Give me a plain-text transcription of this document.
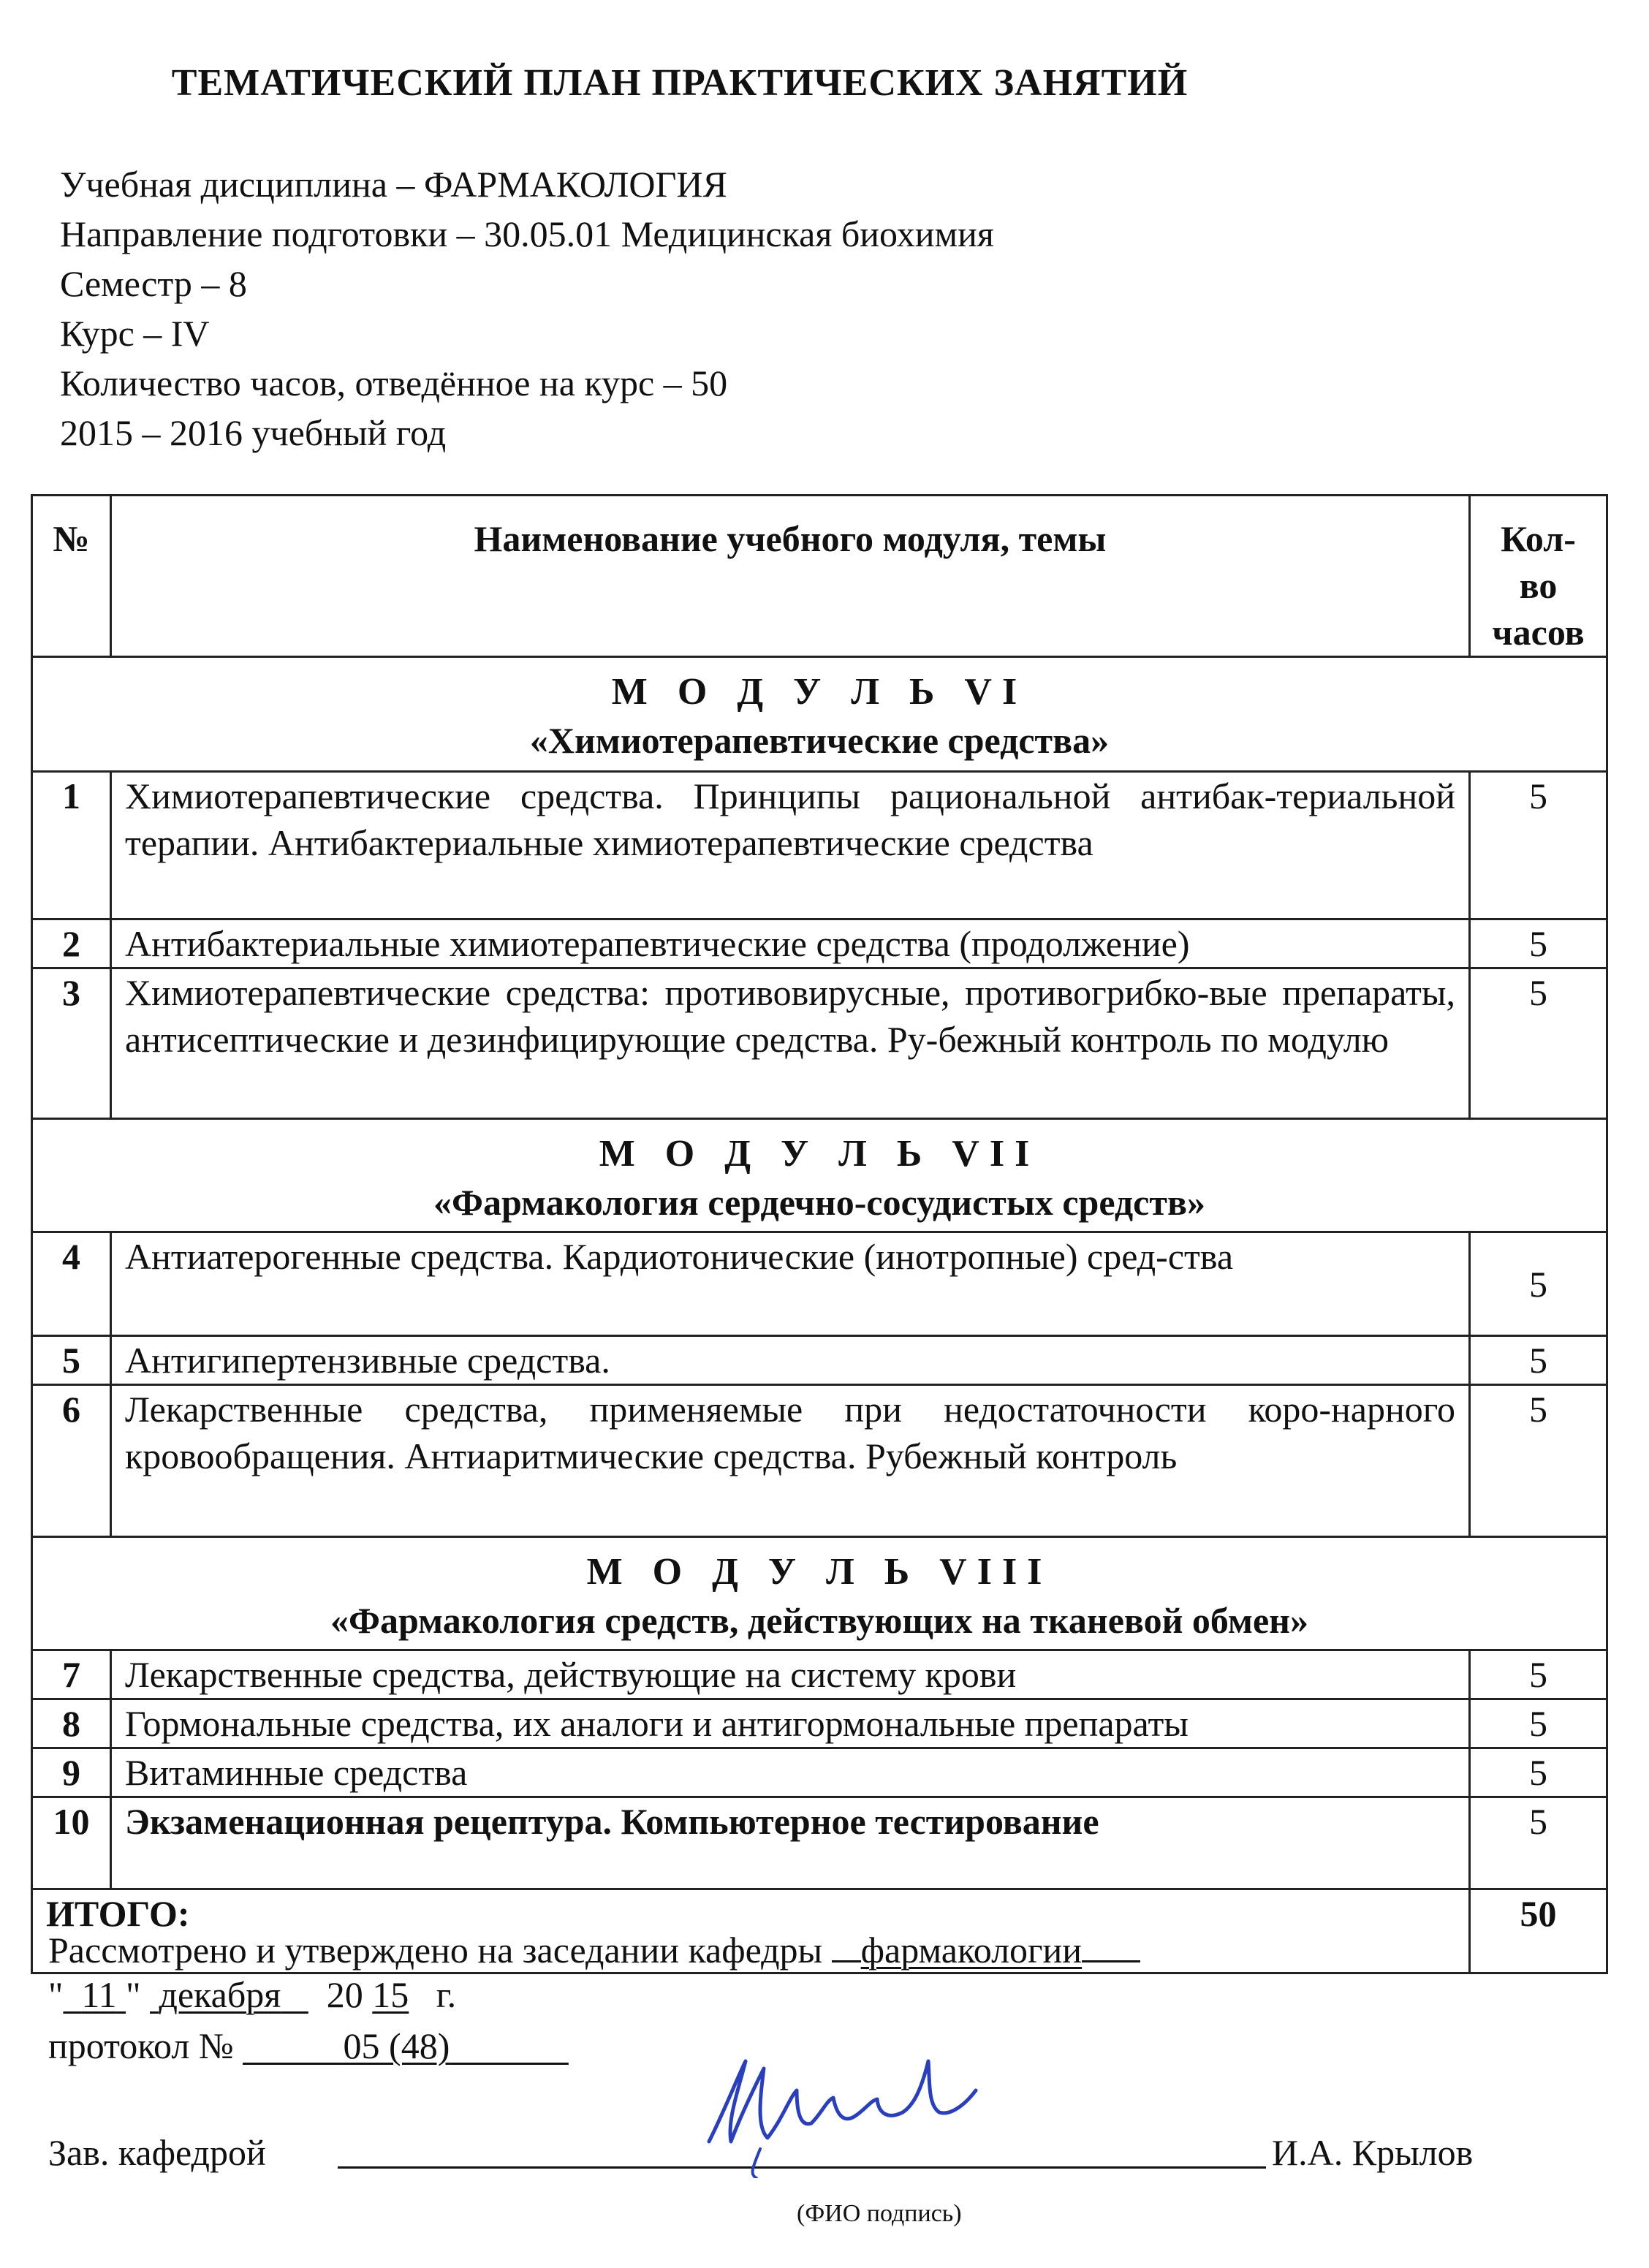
ТЕМАТИЧЕСКИЙ ПЛАН ПРАКТИЧЕСКИХ ЗАНЯТИЙ
Учебная дисциплина – ФАРМАКОЛОГИЯ
Направление подготовки – 30.05.01 Медицинская биохимия
Семестр – 8
Курс – IV
Количество часов, отведённое на курс – 50
2015 – 2016 учебный год
№	Наименование учебного модуля, темы	Кол-во
часов

М О Д У Л Ь VI
«Химиотерапевтические средства»		

1	Химиотерапевтические средства. Принципы рациональной антибак-териальной терапии. Антибактериальные химиотерапевтические средства	5
2	Антибактериальные химиотерапевтические средства (продолжение)	5
3	Химиотерапевтические средства: противовирусные, противогрибко-вые препараты, антисептические и дезинфицирующие средства. Ру-бежный контроль по модулю	5

М О Д У Л Ь VII
«Фармакология сердечно-сосудистых средств»		

4	Антиатерогенные средства. Кардиотонические (инотропные) сред-ства	5
5	Антигипертензивные средства.	5
6	Лекарственные средства, применяемые при недостаточности коро-нарного кровообращения. Антиаритмические средства. Рубежный контроль	5

М О Д У Л Ь VIII
«Фармакология средств, действующих на тканевой обмен»		

7	Лекарственные средства, действующие на систему крови	5
8	Гормональные средства, их аналоги и антигормональные препараты	5
9	Витаминные средства	5
10	Экзаменационная рецептура. Компьютерное тестирование	5
ИТОГО:		50
Рассмотрено и утверждено на заседании кафедры фармакологии
" 11 " декабря 20 15 г.
протокол №	05 (48)
Зав. кафедрой
(ФИО подпись)
И.А. Крылов
